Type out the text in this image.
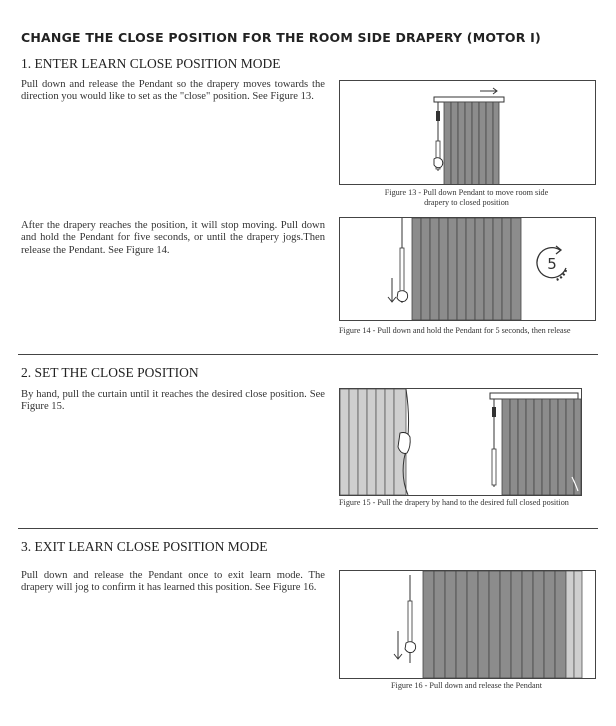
CHANGE THE CLOSE POSITION FOR THE ROOM SIDE DRAPERY (MOTOR I)
1. ENTER LEARN CLOSE POSITION MODE
Pull down and release the Pendant so the drapery moves towards the direction you would like to set as the "close" position. See Figure 13.
Figure 13 - Pull down Pendant to move room side
drapery to closed position
After the drapery reaches the position, it will stop moving. Pull down and hold the Pendant for five seconds, or until the drapery jogs.Then release the Pendant. See Figure 14.
5
Figure 14 - Pull down and hold the Pendant for 5 seconds, then release
2. SET THE CLOSE POSITION
By hand, pull the curtain until it reaches the desired close position. See Figure 15.
Figure 15 - Pull the drapery by hand to the desired full closed position
3. EXIT LEARN CLOSE POSITION MODE
Pull down and release the Pendant once to exit learn mode. The drapery will jog to confirm it has learned this position. See Figure 16.
Figure 16 - Pull down and release the Pendant
